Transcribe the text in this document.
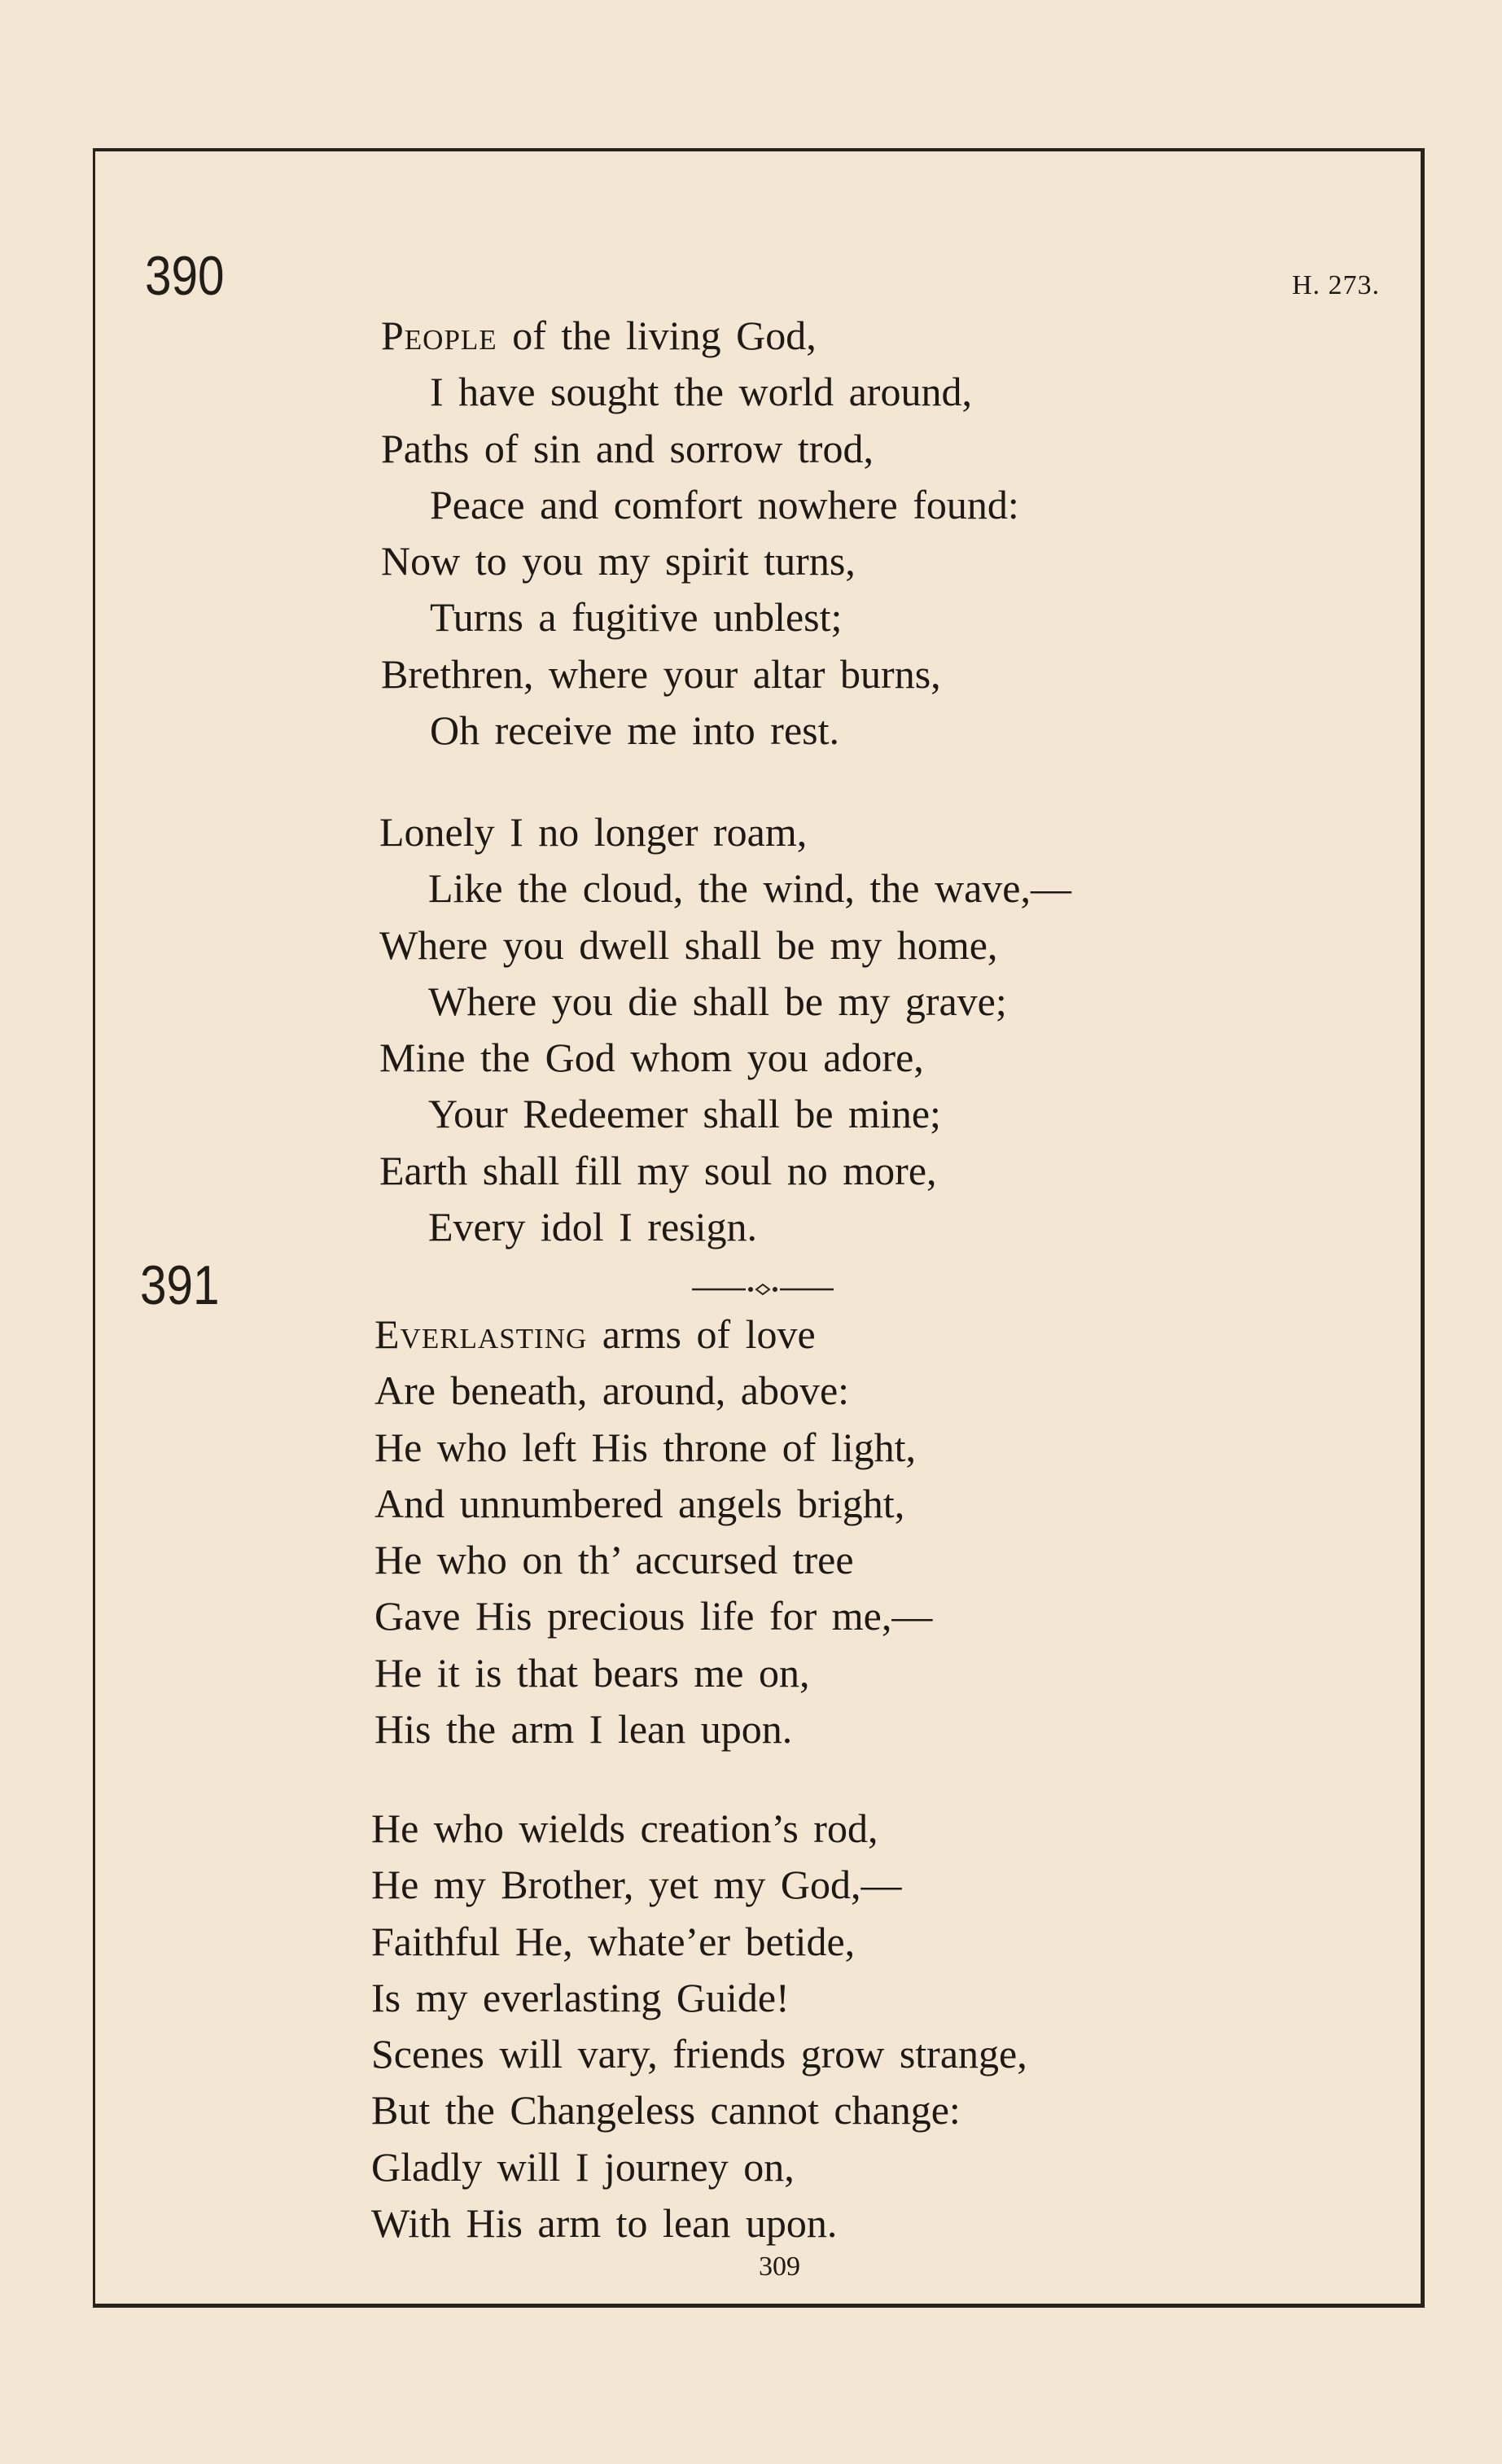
390	H. 273.
People of the living God,
I have sought the world around,
Paths of sin and sorrow trod,
Peace and comfort nowhere found:
Now to you my spirit turns,
Turns a fugitive unblest;
Brethren, where your altar burns,
Oh receive me into rest.
Lonely I no longer roam,
Like the cloud, the wind, the wave,—
Where you dwell shall be my home,
Where you die shall be my grave;
Mine the God whom you adore,
Your Redeemer shall be mine;
Earth shall fill my soul no more,
Every idol I resign.
391
Everlasting arms of love
Are beneath, around, above:
He who left His throne of light,
And unnumbered angels bright,
He who on th’ accursed tree
Gave His precious life for me,—
He it is that bears me on,
His the arm I lean upon.
He who wields creation’s rod,
He my Brother, yet my God,—
Faithful He, whate’er betide,
Is my everlasting Guide!
Scenes will vary, friends grow strange,
But the Changeless cannot change:
Gladly will I journey on,
With His arm to lean upon.
309
